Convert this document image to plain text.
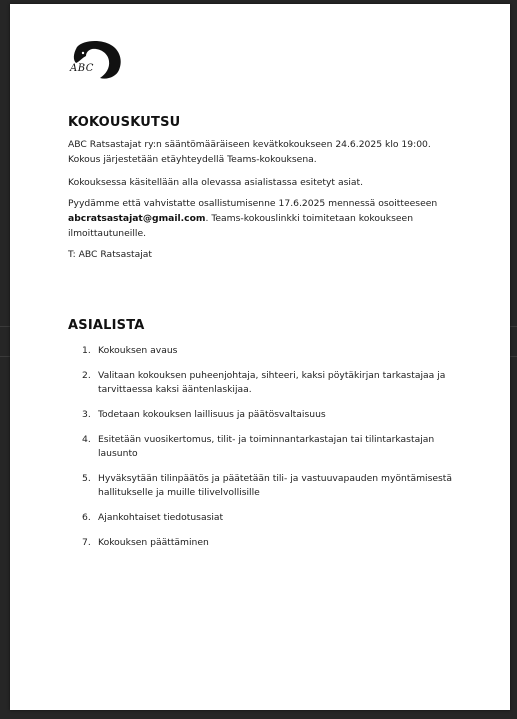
ABC
KOKOUSKUTSU
ABC Ratsastajat ry:n sääntömääräiseen kevätkokoukseen 24.6.2025 klo 19:00. Kokous järjestetään etäyhteydellä Teams-kokouksena.
Kokouksessa käsitellään alla olevassa asialistassa esitetyt asiat.
Pyydämme että vahvistatte osallistumisenne 17.6.2025 mennessä osoitteeseen abcratsastajat@gmail.com. Teams-kokouslinkki toimitetaan kokoukseen ilmoittautuneille.
T: ABC Ratsastajat
ASIALISTA
1. Kokouksen avaus
2. Valitaan kokouksen puheenjohtaja, sihteeri, kaksi pöytäkirjan tarkastajaa ja tarvittaessa kaksi ääntenlaskijaa.
3. Todetaan kokouksen laillisuus ja päätösvaltaisuus
4. Esitetään vuosikertomus, tilit- ja toiminnantarkastajan tai tilintarkastajan lausunto
5. Hyväksytään tilinpäätös ja päätetään tili- ja vastuuvapauden myöntämisestä hallitukselle ja muille tilivelvollisille
6. Ajankohtaiset tiedotusasiat
7. Kokouksen päättäminen
